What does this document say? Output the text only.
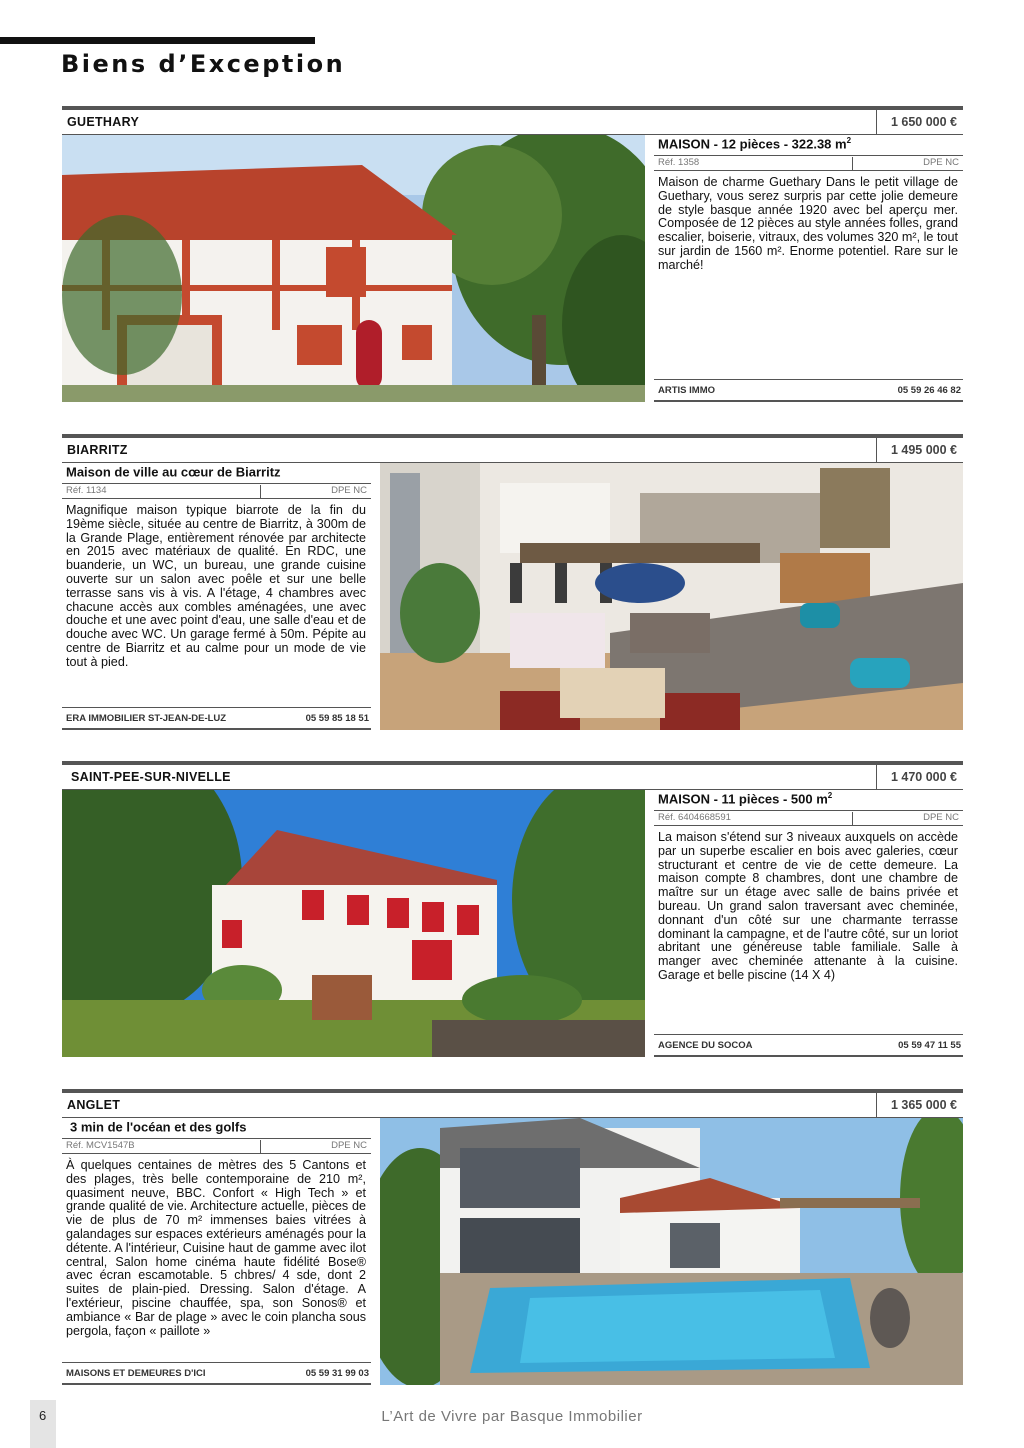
Biens d’Exception
GUETHARY	1 650 000 €
MAISON - 12 pièces - 322.38 $m^2$
Réf. 1358	DPE NC
Maison de charme Guethary Dans le petit village de Guethary, vous serez surpris par cette jolie demeure de style basque année 1920 avec bel aperçu mer. Composée de 12 pièces au style années folles, grand escalier, boiserie, vitraux, des volumes 320 m², le tout sur jardin de 1560 m². Enorme potentiel. Rare sur le marché!
ARTIS IMMO	05 59 26 46 82
BIARRITZ	1 495 000 €
Maison de ville au cœur de Biarritz
Réf. 1134	DPE NC
Magnifique maison typique biarrote de la fin du 19ème siècle, située au centre de Biarritz, à 300m de la Grande Plage, entièrement rénovée par architecte en 2015 avec matériaux de qualité. En RDC, une buanderie, un WC, un bureau, une grande cuisine ouverte sur un salon avec poêle et sur une belle terrasse sans vis à vis. A l'étage, 4 chambres avec chacune accès aux combles aménagées, une avec douche et une avec point d'eau, une salle d'eau et de douche avec WC. Un garage fermé à 50m. Pépite au centre de Biarritz et au calme pour un mode de vie tout à pied.
ERA IMMOBILIER ST-JEAN-DE-LUZ	05 59 85 18 51
SAINT-PEE-SUR-NIVELLE	1 470 000 €
MAISON - 11 pièces - 500 $m^2$
Réf. 6404668591	DPE NC
La maison s'étend sur 3 niveaux auxquels on accède par un superbe escalier en bois avec galeries, cœur structurant et centre de vie de cette demeure. La maison compte 8 chambres, dont une chambre de maître sur un étage avec salle de bains privée et bureau. Un grand salon traversant avec cheminée, donnant d'un côté sur une charmante terrasse dominant la campagne, et de l'autre côté, sur un loriot abritant une généreuse table familiale. Salle à manger avec cheminée attenante à la cuisine. Garage et belle piscine (14 X 4)
AGENCE DU SOCOA	05 59 47 11 55
ANGLET	1 365 000 €
3 min de l'océan et des golfs
Réf. MCV1547B	DPE NC
À quelques centaines de mètres des 5 Cantons et des plages, très belle contemporaine de 210 m², quasiment neuve, BBC. Confort « High Tech » et grande qualité de vie. Architecture actuelle, pièces de vie de plus de 70 m² immenses baies vitrées à galandages sur espaces extérieurs aménagés pour la détente. A l'intérieur, Cuisine haut de gamme avec ilot central, Salon home cinéma haute fidélité Bose® avec écran escamotable. 5 chbres/ 4 sde, dont 2 suites de plain-pied. Dressing. Salon d'étage. A l'extérieur, piscine chauffée, spa, son Sonos® et ambiance « Bar de plage » avec le coin plancha sous pergola, façon « paillote »
MAISONS ET DEMEURES D'ICI	05 59 31 99 03
6	L’Art de Vivre par Basque Immobilier
